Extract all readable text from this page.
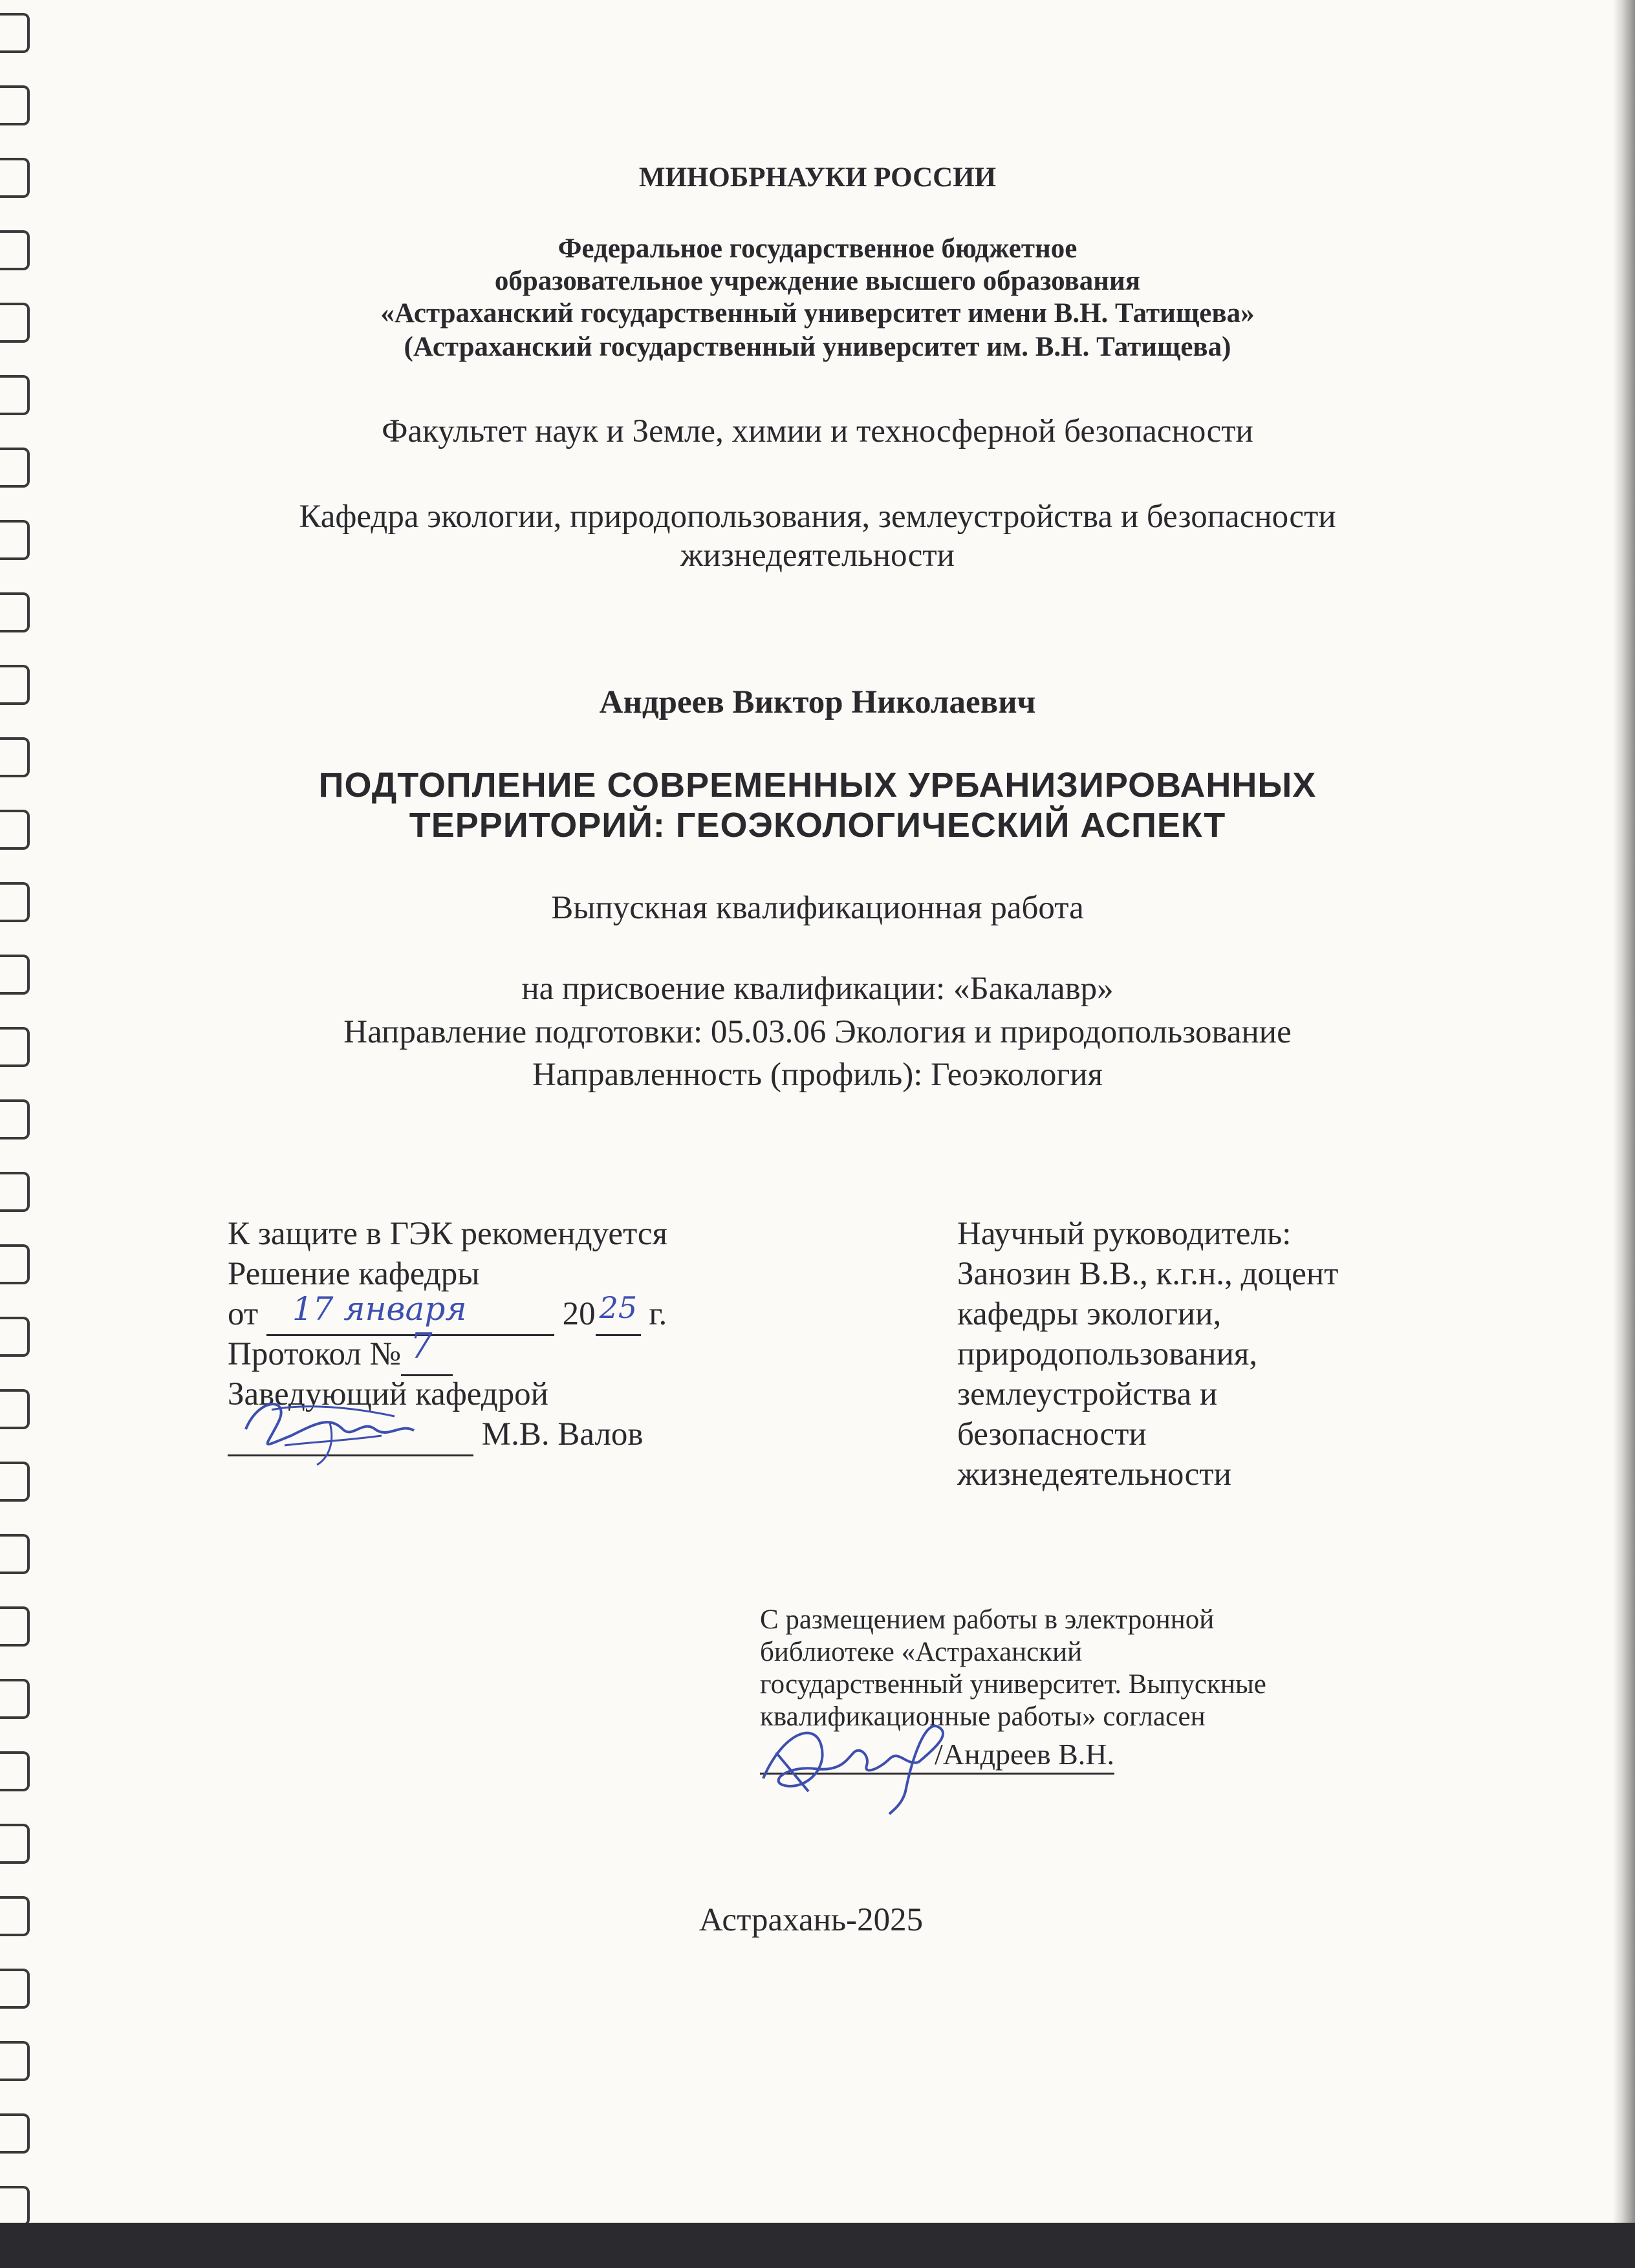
МИНОБРНАУКИ РОССИИ
Федеральное государственное бюджетное
образовательное учреждение высшего образования
«Астраханский государственный университет имени В.Н. Татищева»
(Астраханский государственный университет им. В.Н. Татищева)
Факультет наук и Земле, химии и техносферной безопасности
Кафедра экологии, природопользования, землеустройства и безопасности
жизнедеятельности
Андреев Виктор Николаевич
ПОДТОПЛЕНИЕ СОВРЕМЕННЫХ УРБАНИЗИРОВАННЫХ
ТЕРРИТОРИЙ: ГЕОЭКОЛОГИЧЕСКИЙ АСПЕКТ
Выпускная квалификационная работа
на присвоение квалификации: «Бакалавр»
Направление подготовки: 05.03.06 Экология и природопользование
Направленность (профиль): Геоэкология
К защите в ГЭК рекомендуется
Решение кафедры
от 17 января	20 25 г.
Протокол № 7

Заведующий кафедрой
М.В. Валов
Научный руководитель:
Занозин В.В., к.г.н., доцент
кафедры экологии,
природопользования,
землеустройства и
безопасности
жизнедеятельности
С размещением работы в электронной
библиотеке «Астраханский
государственный университет. Выпускные
квалификационные работы» согласен
/Андреев В.Н.
Астрахань-2025
